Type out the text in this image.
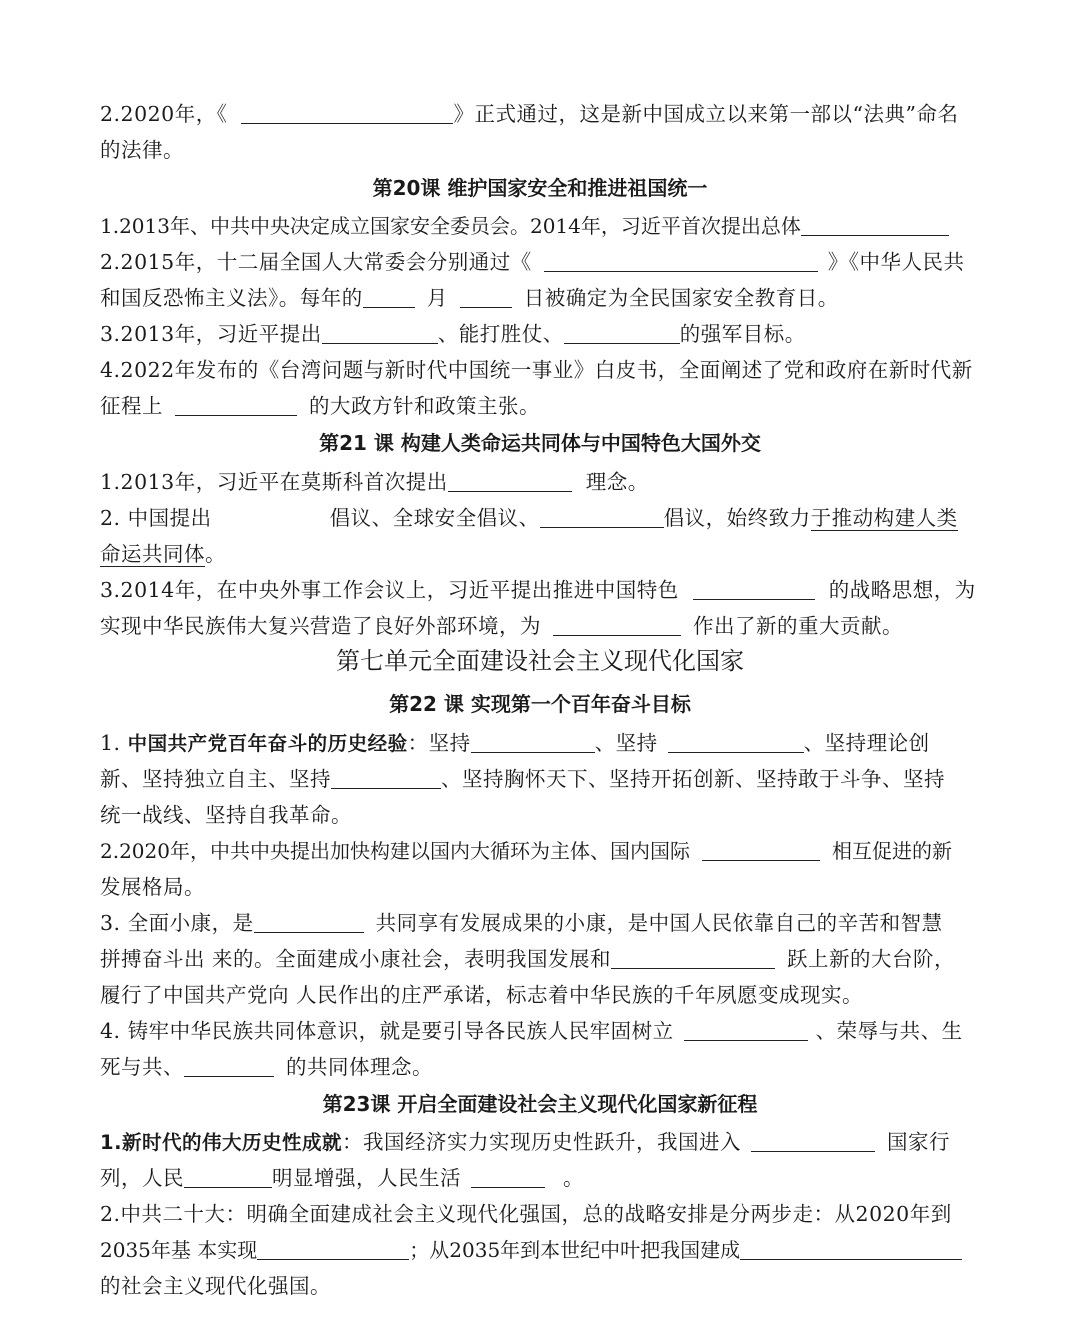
2.2020年，《	》正式通过，这是新中国成立以来第一部以“法典”命名
的法律。
第20课 维护国家安全和推进祖国统一
1.2013年、中共中央决定成立国家安全委员会。2014年，习近平首次提出总体
2.2015年，十二届全国人大常委会分别通过《	》《中华人民共
和国反恐怖主义法》。每年的	月	日被确定为全民国家安全教育日。
3.2013年，习近平提出	、能打胜仗、	的强军目标。
4.2022年发布的《台湾问题与新时代中国统一事业》白皮书，全面阐述了党和政府在新时代新
征程上	的大政方针和政策主张。
第21 课 构建人类命运共同体与中国特色大国外交
1.2013年，习近平在莫斯科首次提出	理念。
2. 中国提出	倡议、全球安全倡议、	倡议，始终致力于推动构建人类
命运共同体。
3.2014年，在中央外事工作会议上，习近平提出推进中国特色	的战略思想，为
实现中华民族伟大复兴营造了良好外部环境，为	作出了新的重大贡献。
第七单元全面建设社会主义现代化国家
第22 课 实现第一个百年奋斗目标
1. 中国共产党百年奋斗的历史经验：坚持	、坚持	、坚持理论创
新、坚持独立自主、坚持	、坚持胸怀天下、坚持开拓创新、坚持敢于斗争、坚持
统一战线、坚持自我革命。
2.2020年，中共中央提出加快构建以国内大循环为主体、国内国际	相互促进的新
发展格局。
3. 全面小康，是	共同享有发展成果的小康，是中国人民依靠自己的辛苦和智慧
拼搏奋斗出 来的。全面建成小康社会，表明我国发展和	跃上新的大台阶，
履行了中国共产党向 人民作出的庄严承诺，标志着中华民族的千年夙愿变成现实。
4. 铸牢中华民族共同体意识，就是要引导各民族人民牢固树立	、荣辱与共、生
死与共、	的共同体理念。
第23课 开启全面建设社会主义现代化国家新征程
1.新时代的伟大历史性成就：我国经济实力实现历史性跃升，我国进入	国家行
列，人民	明显增强，人民生活	。
2.中共二十大：明确全面建成社会主义现代化强国，总的战略安排是分两步走：从2020年到
2035年基 本实现	；从2035年到本世纪中叶把我国建成
的社会主义现代化强国。
